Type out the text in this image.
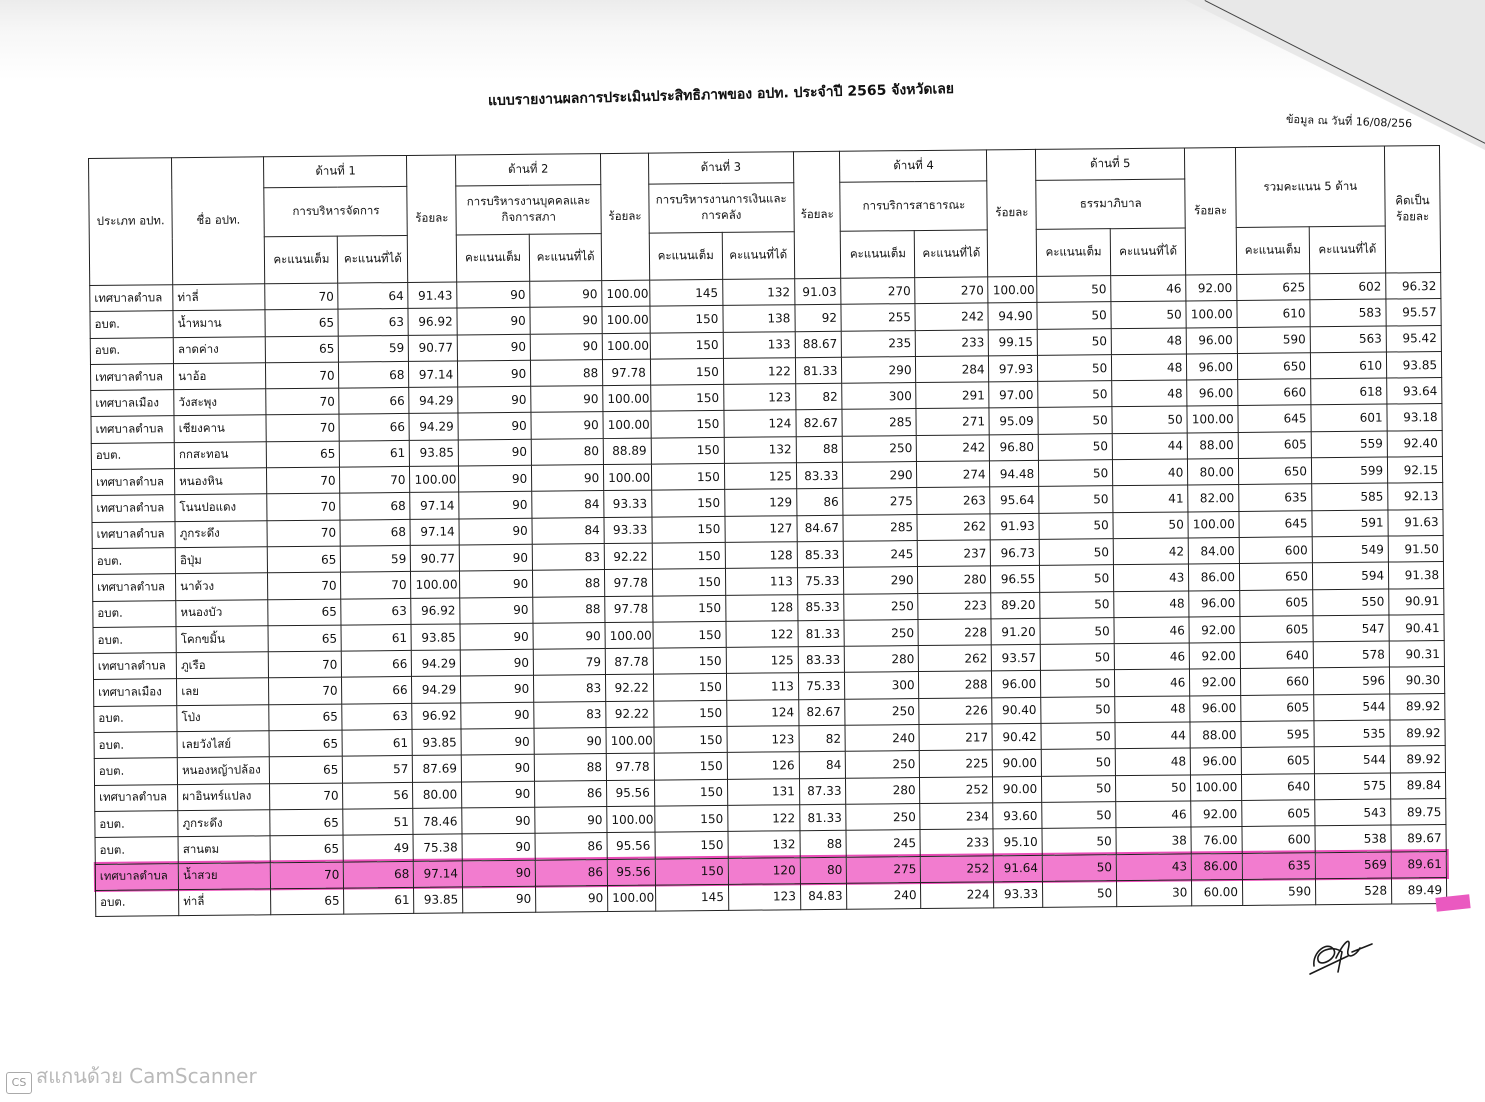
แบบรายงานผลการประเมินประสิทธิภาพของ อปท. ประจำปี 2565 จังหวัดเลย
ข้อมูล ณ วันที่ 16/08/256
ประเภท อปท.	ชื่อ อปท.	ด้านที่ 1		ร้อยละ	ด้านที่ 2		ร้อยละ	ด้านที่ 3		ร้อยละ	ด้านที่ 4		ร้อยละ	ด้านที่ 5		ร้อยละ	รวมคะแนน 5 ด้าน		คิดเป็นร้อยละ
		การบริหารจัดการ			การบริหารงานบุคคลและกิจการสภา			การบริหารงานการเงินและการคลัง			การบริการสาธารณะ			ธรรมาภิบาล					
		คะแนนเต็ม	คะแนนที่ได้		คะแนนเต็ม	คะแนนที่ได้		คะแนนเต็ม	คะแนนที่ได้		คะแนนเต็ม	คะแนนที่ได้		คะแนนเต็ม	คะแนนที่ได้		คะแนนเต็ม	คะแนนที่ได้	
เทศบาลตำบล	ท่าลี่	70	64	91.43	90	90	100.00	145	132	91.03	270	270	100.00	50	46	92.00	625	602	96.32
อบต.	น้ำหมาน	65	63	96.92	90	90	100.00	150	138	92	255	242	94.90	50	50	100.00	610	583	95.57
อบต.	ลาดค่าง	65	59	90.77	90	90	100.00	150	133	88.67	235	233	99.15	50	48	96.00	590	563	95.42
เทศบาลตำบล	นาอ้อ	70	68	97.14	90	88	97.78	150	122	81.33	290	284	97.93	50	48	96.00	650	610	93.85
เทศบาลเมือง	วังสะพุง	70	66	94.29	90	90	100.00	150	123	82	300	291	97.00	50	48	96.00	660	618	93.64
เทศบาลตำบล	เชียงคาน	70	66	94.29	90	90	100.00	150	124	82.67	285	271	95.09	50	50	100.00	645	601	93.18
อบต.	กกสะทอน	65	61	93.85	90	80	88.89	150	132	88	250	242	96.80	50	44	88.00	605	559	92.40
เทศบาลตำบล	หนองหิน	70	70	100.00	90	90	100.00	150	125	83.33	290	274	94.48	50	40	80.00	650	599	92.15
เทศบาลตำบล	โนนปอแดง	70	68	97.14	90	84	93.33	150	129	86	275	263	95.64	50	41	82.00	635	585	92.13
เทศบาลตำบล	ภูกระดึง	70	68	97.14	90	84	93.33	150	127	84.67	285	262	91.93	50	50	100.00	645	591	91.63
อบต.	อิปุ่ม	65	59	90.77	90	83	92.22	150	128	85.33	245	237	96.73	50	42	84.00	600	549	91.50
เทศบาลตำบล	นาด้วง	70	70	100.00	90	88	97.78	150	113	75.33	290	280	96.55	50	43	86.00	650	594	91.38
อบต.	หนองบัว	65	63	96.92	90	88	97.78	150	128	85.33	250	223	89.20	50	48	96.00	605	550	90.91
อบต.	โคกขมิ้น	65	61	93.85	90	90	100.00	150	122	81.33	250	228	91.20	50	46	92.00	605	547	90.41
เทศบาลตำบล	ภูเรือ	70	66	94.29	90	79	87.78	150	125	83.33	280	262	93.57	50	46	92.00	640	578	90.31
เทศบาลเมือง	เลย	70	66	94.29	90	83	92.22	150	113	75.33	300	288	96.00	50	46	92.00	660	596	90.30
อบต.	โป่ง	65	63	96.92	90	83	92.22	150	124	82.67	250	226	90.40	50	48	96.00	605	544	89.92
อบต.	เลยวังไสย์	65	61	93.85	90	90	100.00	150	123	82	240	217	90.42	50	44	88.00	595	535	89.92
อบต.	หนองหญ้าปล้อง	65	57	87.69	90	88	97.78	150	126	84	250	225	90.00	50	48	96.00	605	544	89.92
เทศบาลตำบล	ผาอินทร์แปลง	70	56	80.00	90	86	95.56	150	131	87.33	280	252	90.00	50	50	100.00	640	575	89.84
อบต.	ภูกระดึง	65	51	78.46	90	90	100.00	150	122	81.33	250	234	93.60	50	46	92.00	605	543	89.75
อบต.	สานตม	65	49	75.38	90	86	95.56	150	132	88	245	233	95.10	50	38	76.00	600	538	89.67
เทศบาลตำบล	น้ำสวย	70	68	97.14	90	86	95.56	150	120	80	275	252	91.64	50	43	86.00	635	569	89.61
อบต.	ท่าลี่	65	61	93.85	90	90	100.00	145	123	84.83	240	224	93.33	50	30	60.00	590	528	89.49
CS สแกนด้วย CamScanner
